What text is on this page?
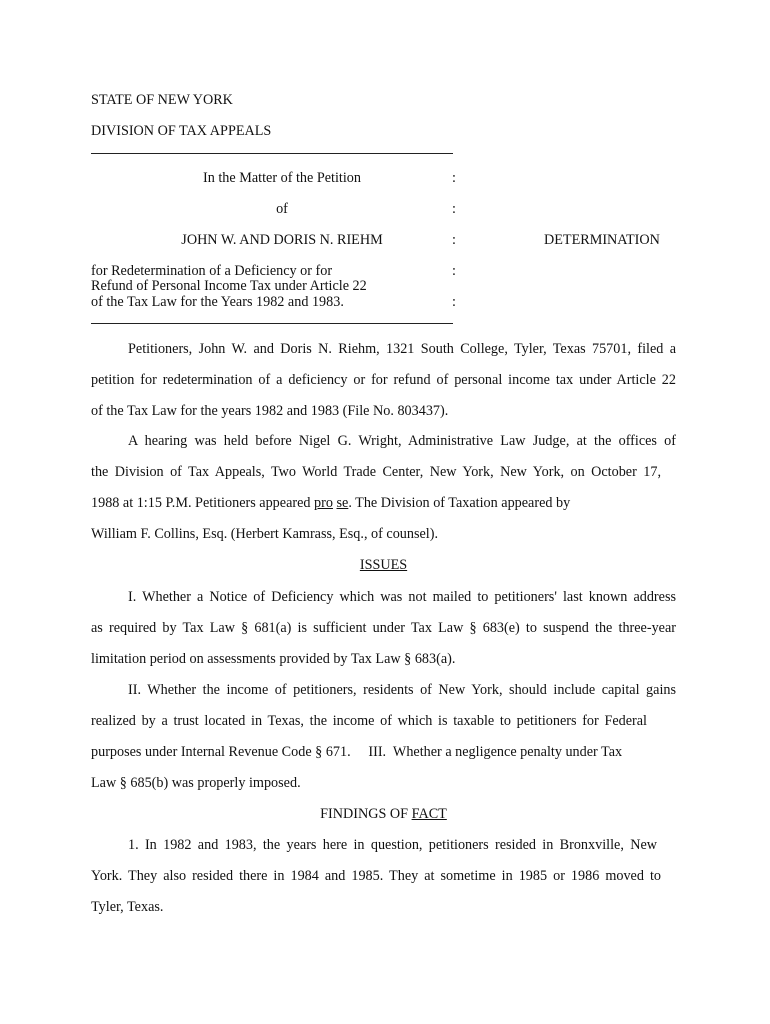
STATE OF NEW YORK
DIVISION OF TAX APPEALS
In the Matter of the Petition	:
of	:
JOHN W. AND DORIS N. RIEHM	:	DETERMINATION
for Redetermination of a Deficiency or for	:
Refund of Personal Income Tax under Article 22
of the Tax Law for the Years 1982 and 1983.	:
Petitioners, John W. and Doris N. Riehm, 1321 South College, Tyler, Texas 75701, filed a
petition for redetermination of a deficiency or for refund of personal income tax under Article 22
of the Tax Law for the years 1982 and 1983 (File No. 803437).
A hearing was held before Nigel G. Wright, Administrative Law Judge, at the offices of
the Division of Tax Appeals, Two World Trade Center, New York, New York, on October 17,
1988 at 1:15 P.M. Petitioners appeared pro se. The Division of Taxation appeared by
William F. Collins, Esq. (Herbert Kamrass, Esq., of counsel).
ISSUES
I. Whether a Notice of Deficiency which was not mailed to petitioners' last known address
as required by Tax Law § 681(a) is sufficient under Tax Law § 683(e) to suspend the three-year
limitation period on assessments provided by Tax Law § 683(a).
II. Whether the income of petitioners, residents of New York, should include capital gains
realized by a trust located in Texas, the income of which is taxable to petitioners for Federal
purposes under Internal Revenue Code § 671.     III.  Whether a negligence penalty under Tax
Law § 685(b) was properly imposed.
FINDINGS OF FACT
1. In 1982 and 1983, the years here in question, petitioners resided in Bronxville, New
York. They also resided there in 1984 and 1985. They at sometime in 1985 or 1986 moved to
Tyler, Texas.
